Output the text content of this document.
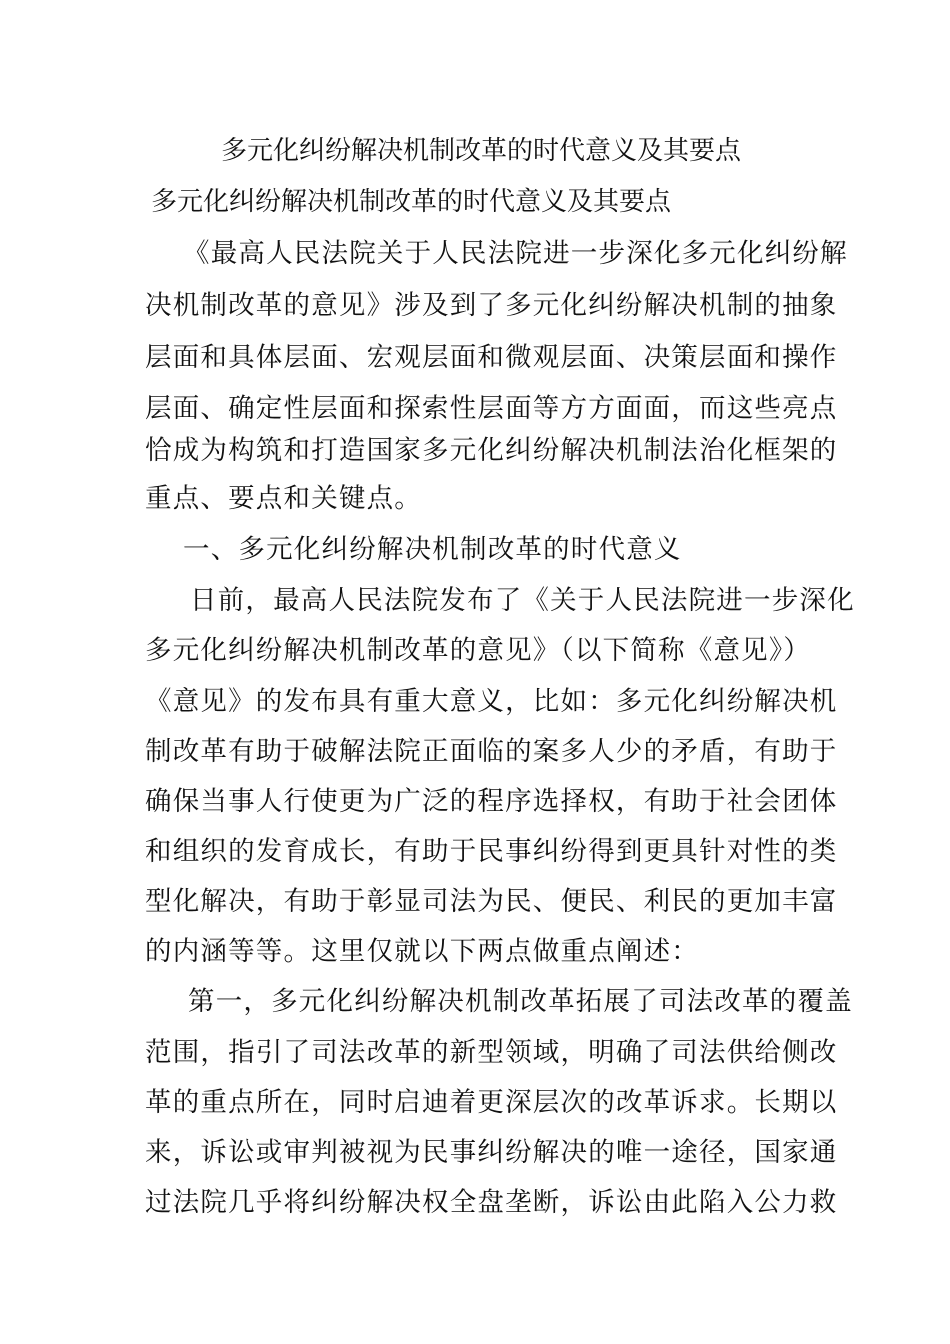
多元化纠纷解决机制改革的时代意义及其要点
多元化纠纷解决机制改革的时代意义及其要点
《最高人民法院关于人民法院进一步深化多元化纠纷解
决机制改革的意见》涉及到了多元化纠纷解决机制的抽象
层面和具体层面、宏观层面和微观层面、决策层面和操作
层面、确定性层面和探索性层面等方方面面，而这些亮点
恰成为构筑和打造国家多元化纠纷解决机制法治化框架的
重点、要点和关键点。
一、多元化纠纷解决机制改革的时代意义
日前，最高人民法院发布了《关于人民法院进一步深化
多元化纠纷解决机制改革的意见》（以下简称《意见》）
《意见》的发布具有重大意义，比如：多元化纠纷解决机
制改革有助于破解法院正面临的案多人少的矛盾，有助于
确保当事人行使更为广泛的程序选择权，有助于社会团体
和组织的发育成长，有助于民事纠纷得到更具针对性的类
型化解决，有助于彰显司法为民、便民、利民的更加丰富
的内涵等等。这里仅就以下两点做重点阐述：
第一，多元化纠纷解决机制改革拓展了司法改革的覆盖
范围，指引了司法改革的新型领域，明确了司法供给侧改
革的重点所在，同时启迪着更深层次的改革诉求。长期以
来，诉讼或审判被视为民事纠纷解决的唯一途径，国家通
过法院几乎将纠纷解决权全盘垄断，诉讼由此陷入公力救
